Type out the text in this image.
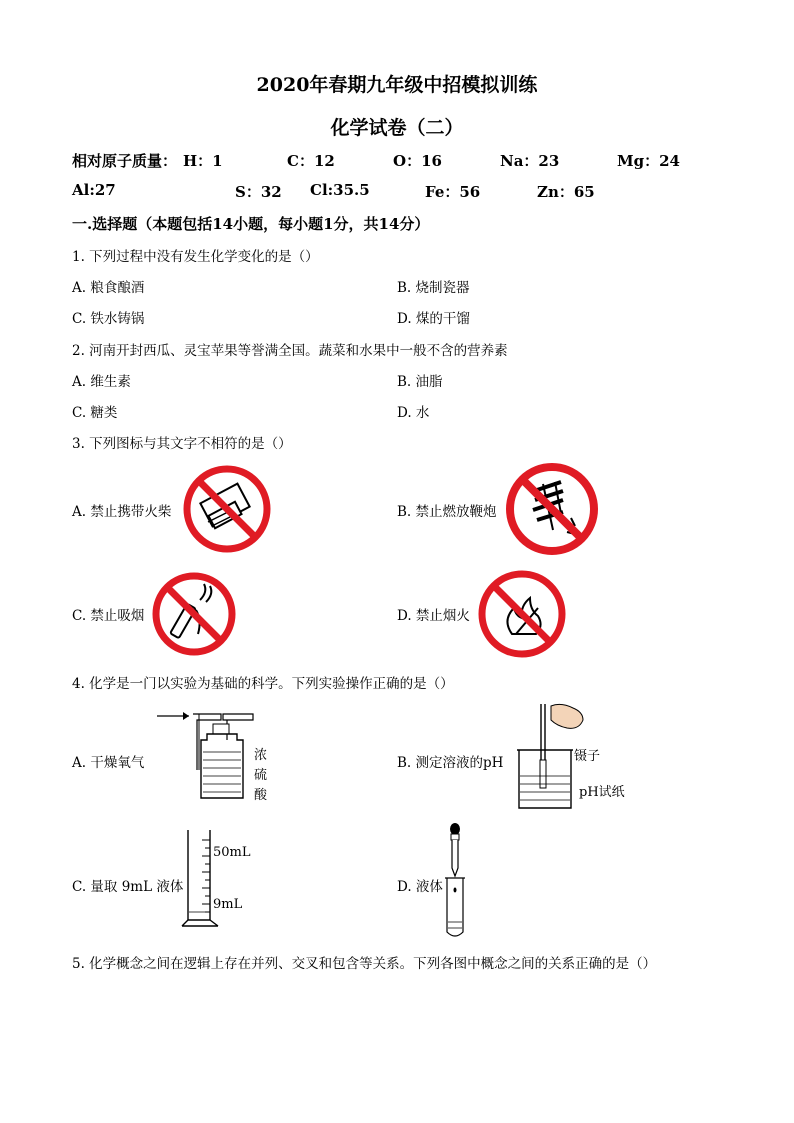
2020年春期九年级中招模拟训练
化学试卷（二）
相对原子质量： H：1	C：12	O：16	Na：23	Mg：24
Al:27	S：32 Cl:35.5	Fe：56	Zn：65
一.选择题（本题包括14小题，每小题1分，共14分）
1. 下列过程中没有发生化学变化的是（）
A. 粮食酿酒	B. 烧制瓷器
C. 铁水铸锅	D. 煤的干馏
2. 河南开封西瓜、灵宝苹果等誉满全国。蔬菜和水果中一般不含的营养素
A. 维生素	B. 油脂
C. 糖类	D. 水
3. 下列图标与其文字不相符的是（）
A. 禁止携带火柴	B. 禁止燃放鞭炮
C. 禁止吸烟	D. 禁止烟火
4. 化学是一门以实验为基础的科学。下列实验操作正确的是（）
A. 干燥氧气	B. 测定溶液的pH
C. 量取 9mL 液体	D. 液体
浓
硫
酸
镊子
pH试纸
50mL
9mL
5. 化学概念之间在逻辑上存在并列、交叉和包含等关系。下列各图中概念之间的关系正确的是（）
